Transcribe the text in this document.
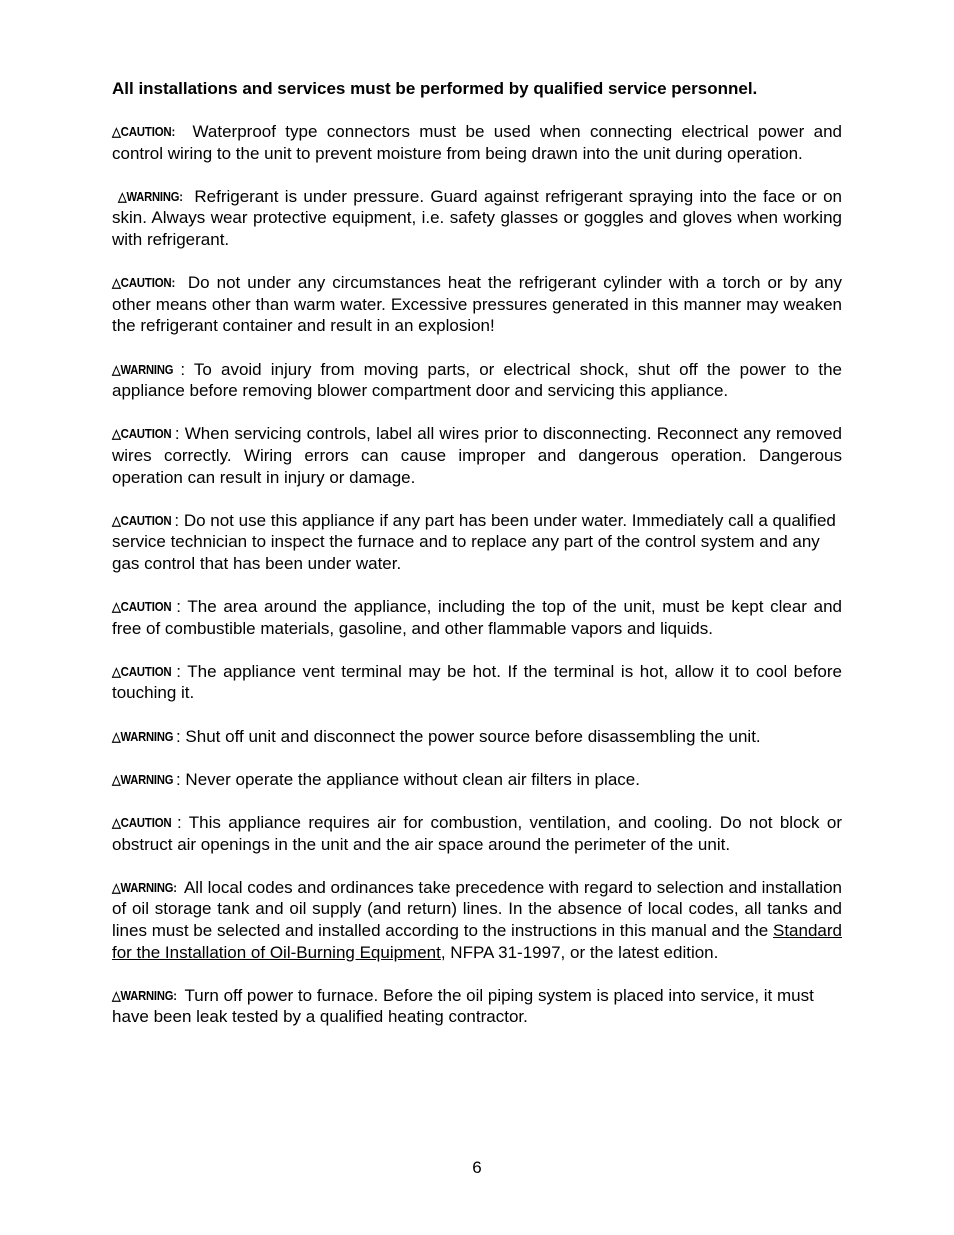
All installations and services must be performed by qualified service personnel.

△CAUTION:  Waterproof type connectors must be used when connecting electrical power and control wiring to the unit to prevent moisture from being drawn into the unit during operation.

△WARNING:  Refrigerant is under pressure. Guard against refrigerant spraying into the face or on skin. Always wear protective equipment, i.e. safety glasses or goggles and gloves when working with refrigerant.

△CAUTION:  Do not under any circumstances heat the refrigerant cylinder with a torch or by any other means other than warm water. Excessive pressures generated in this manner may weaken the refrigerant container and result in an explosion!

△WARNING : To avoid injury from moving parts, or electrical shock, shut off the power to the appliance before removing blower compartment door and servicing this appliance.

△CAUTION : When servicing controls, label all wires prior to disconnecting. Reconnect any removed wires correctly. Wiring errors can cause improper and dangerous operation. Dangerous operation can result in injury or damage.

△CAUTION : Do not use this appliance if any part has been under water. Immediately call a qualified service technician to inspect the furnace and to replace any part of the control system and any gas control that has been under water.

△CAUTION : The area around the appliance, including the top of the unit, must be kept clear and free of combustible materials, gasoline, and other flammable vapors and liquids.

△CAUTION : The appliance vent terminal may be hot. If the terminal is hot, allow it to cool before touching it.

△WARNING : Shut off unit and disconnect the power source before disassembling the unit.

△WARNING : Never operate the appliance without clean air filters in place.

△CAUTION : This appliance requires air for combustion, ventilation, and cooling. Do not block or obstruct air openings in the unit and the air space around the perimeter of the unit.

△WARNING:  All local codes and ordinances take precedence with regard to selection and installation of oil storage tank and oil supply (and return) lines. In the absence of local codes, all tanks and lines must be selected and installed according to the instructions in this manual and the Standard for the Installation of Oil-Burning Equipment, NFPA 31-1997, or the latest edition.

△WARNING:  Turn off power to furnace. Before the oil piping system is placed into service, it must have been leak tested by a qualified heating contractor.

6
